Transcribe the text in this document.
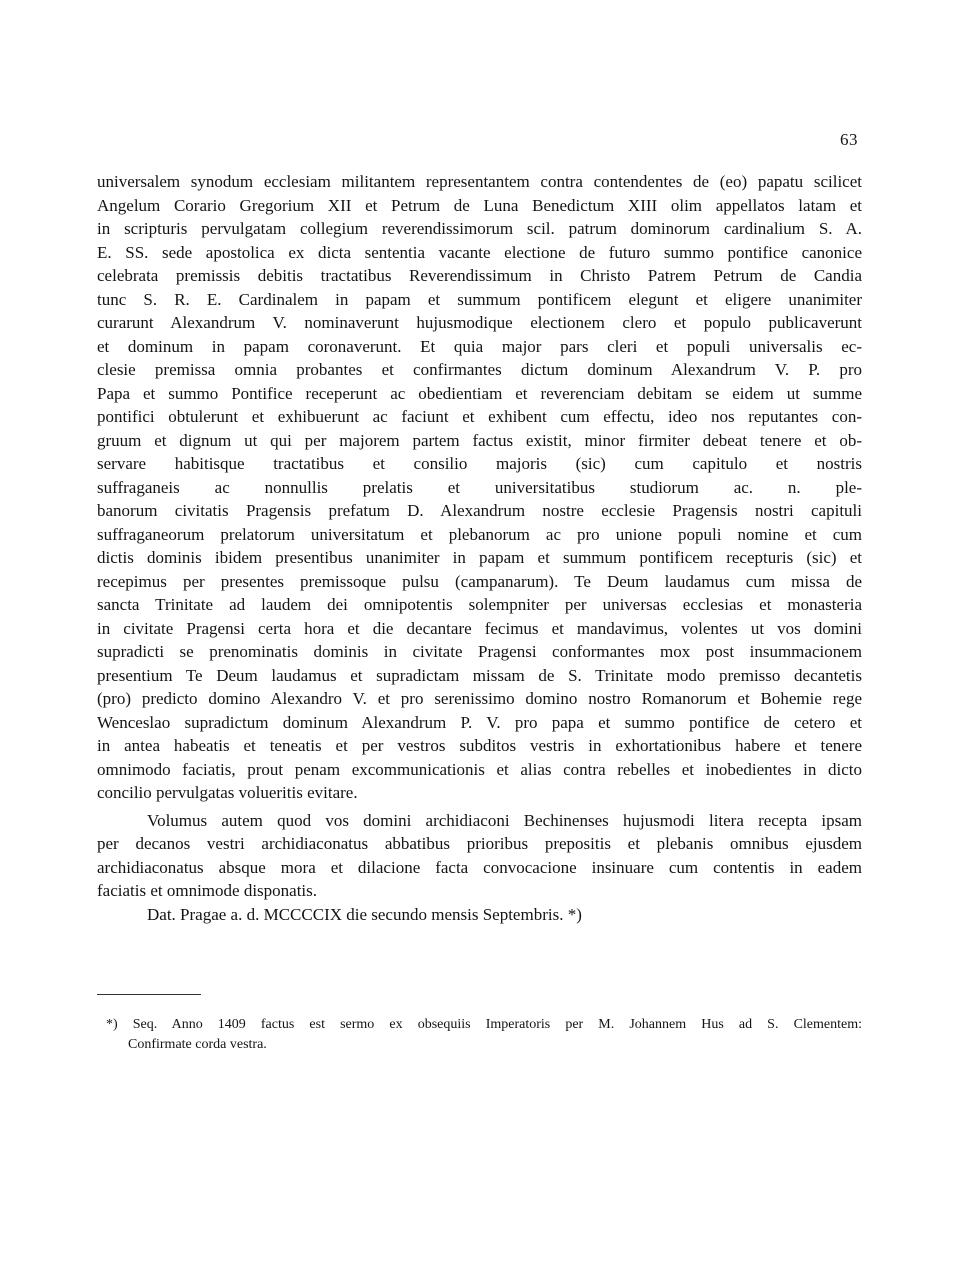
63
universalem synodum ecclesiam militantem representantem contra contendentes de (eo) papatu scilicet
Angelum Corario Gregorium XII et Petrum de Luna Benedictum XIII olim appellatos latam et
in scripturis pervulgatam collegium reverendissimorum scil. patrum dominorum cardinalium S. A.
E. SS. sede apostolica ex dicta sententia vacante electione de futuro summo pontifice canonice
celebrata premissis debitis tractatibus Reverendissimum in Christo Patrem Petrum de Candia
tunc S. R. E. Cardinalem in papam et summum pontificem elegunt et eligere unanimiter
curarunt Alexandrum V. nominaverunt hujusmodique electionem clero et populo publicaverunt
et dominum in papam coronaverunt. Et quia major pars cleri et populi universalis ec-
clesie premissa omnia probantes et confirmantes dictum dominum Alexandrum V. P. pro
Papa et summo Pontifice receperunt ac obedientiam et reverenciam debitam se eidem ut summe
pontifici obtulerunt et exhibuerunt ac faciunt et exhibent cum effectu, ideo nos reputantes con-
gruum et dignum ut qui per majorem partem factus existit, minor firmiter debeat tenere et ob-
servare habitisque tractatibus et consilio majoris (sic) cum capitulo et nostris
suffraganeis ac nonnullis prelatis et universitatibus studiorum ac. n. ple-
banorum civitatis Pragensis prefatum D. Alexandrum nostre ecclesie Pragensis nostri capituli
suffraganeorum prelatorum universitatum et plebanorum ac pro unione populi nomine et cum
dictis dominis ibidem presentibus unanimiter in papam et summum pontificem recepturis (sic) et
recepimus per presentes premissoque pulsu (campanarum). Te Deum laudamus cum missa de
sancta Trinitate ad laudem dei omnipotentis solempniter per universas ecclesias et monasteria
in civitate Pragensi certa hora et die decantare fecimus et mandavimus, volentes ut vos domini
supradicti se prenominatis dominis in civitate Pragensi conformantes mox post insummacionem
presentium Te Deum laudamus et supradictam missam de S. Trinitate modo premisso decantetis
(pro) predicto domino Alexandro V. et pro serenissimo domino nostro Romanorum et Bohemie rege
Wenceslao supradictum dominum Alexandrum P. V. pro papa et summo pontifice de cetero et
in antea habeatis et teneatis et per vestros subditos vestris in exhortationibus habere et tenere
omnimodo faciatis, prout penam excommunicationis et alias contra rebelles et inobedientes in dicto
concilio pervulgatas volueritis evitare.
Volumus autem quod vos domini archidiaconi Bechinenses hujusmodi litera recepta ipsam
per decanos vestri archidiaconatus abbatibus prioribus prepositis et plebanis omnibus ejusdem
archidiaconatus absque mora et dilacione facta convocacione insinuare cum contentis in eadem
faciatis et omnimode disponatis.
Dat. Pragae a. d. MCCCCIX die secundo mensis Septembris. *)
*) Seq. Anno 1409 factus est sermo ex obsequiis Imperatoris per M. Johannem Hus ad S. Clementem:
Confirmate corda vestra.
